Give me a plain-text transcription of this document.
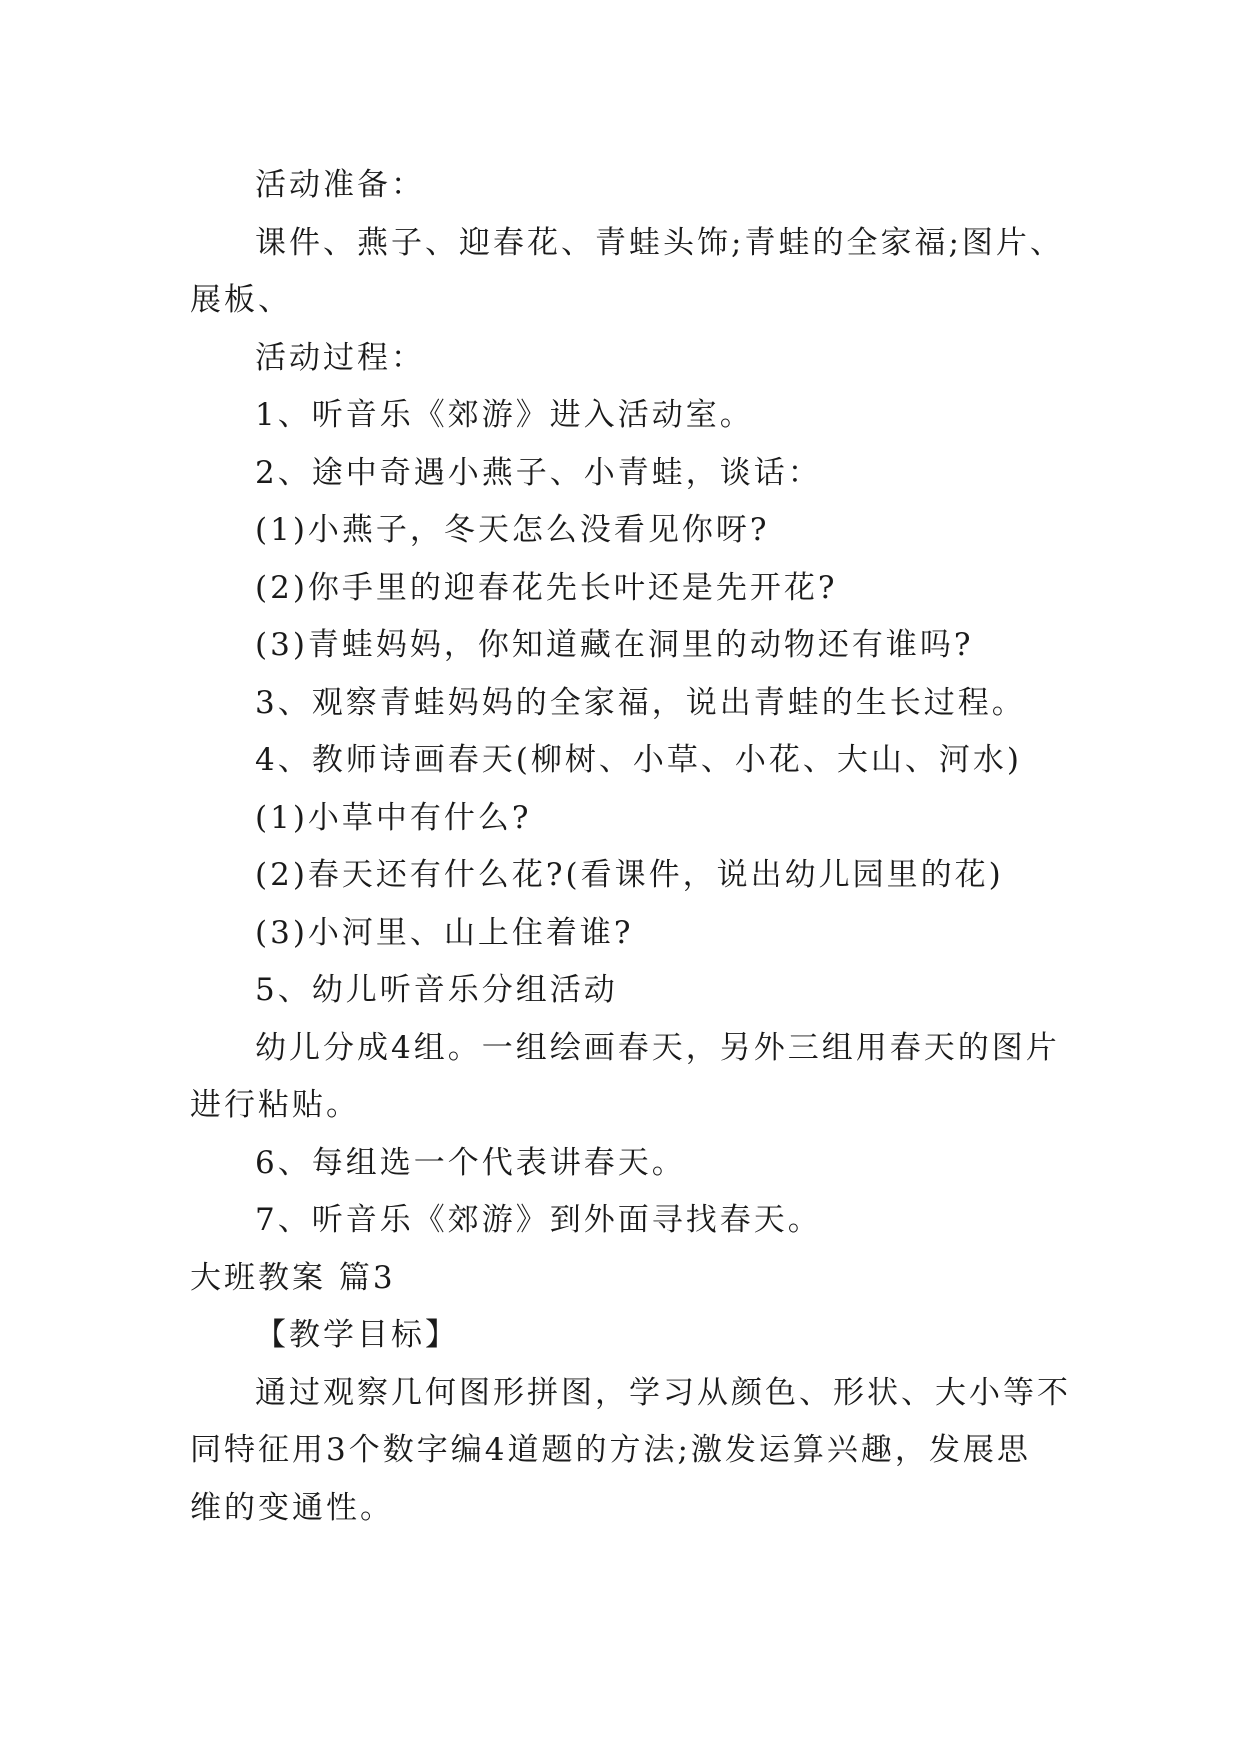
活动准备：
课件、燕子、迎春花、青蛙头饰;青蛙的全家福;图片、
展板、
活动过程：
1、听音乐《郊游》进入活动室。
2、途中奇遇小燕子、小青蛙，谈话：
(1)小燕子，冬天怎么没看见你呀?
(2)你手里的迎春花先长叶还是先开花?
(3)青蛙妈妈，你知道藏在洞里的动物还有谁吗?
3、观察青蛙妈妈的全家福，说出青蛙的生长过程。
4、教师诗画春天(柳树、小草、小花、大山、河水)
(1)小草中有什么?
(2)春天还有什么花?(看课件，说出幼儿园里的花)
(3)小河里、山上住着谁?
5、幼儿听音乐分组活动
幼儿分成4组。一组绘画春天，另外三组用春天的图片
进行粘贴。
6、每组选一个代表讲春天。
7、听音乐《郊游》到外面寻找春天。
大班教案 篇3
【教学目标】
通过观察几何图形拼图，学习从颜色、形状、大小等不
同特征用3个数字编4道题的方法;激发运算兴趣，发展思
维的变通性。
